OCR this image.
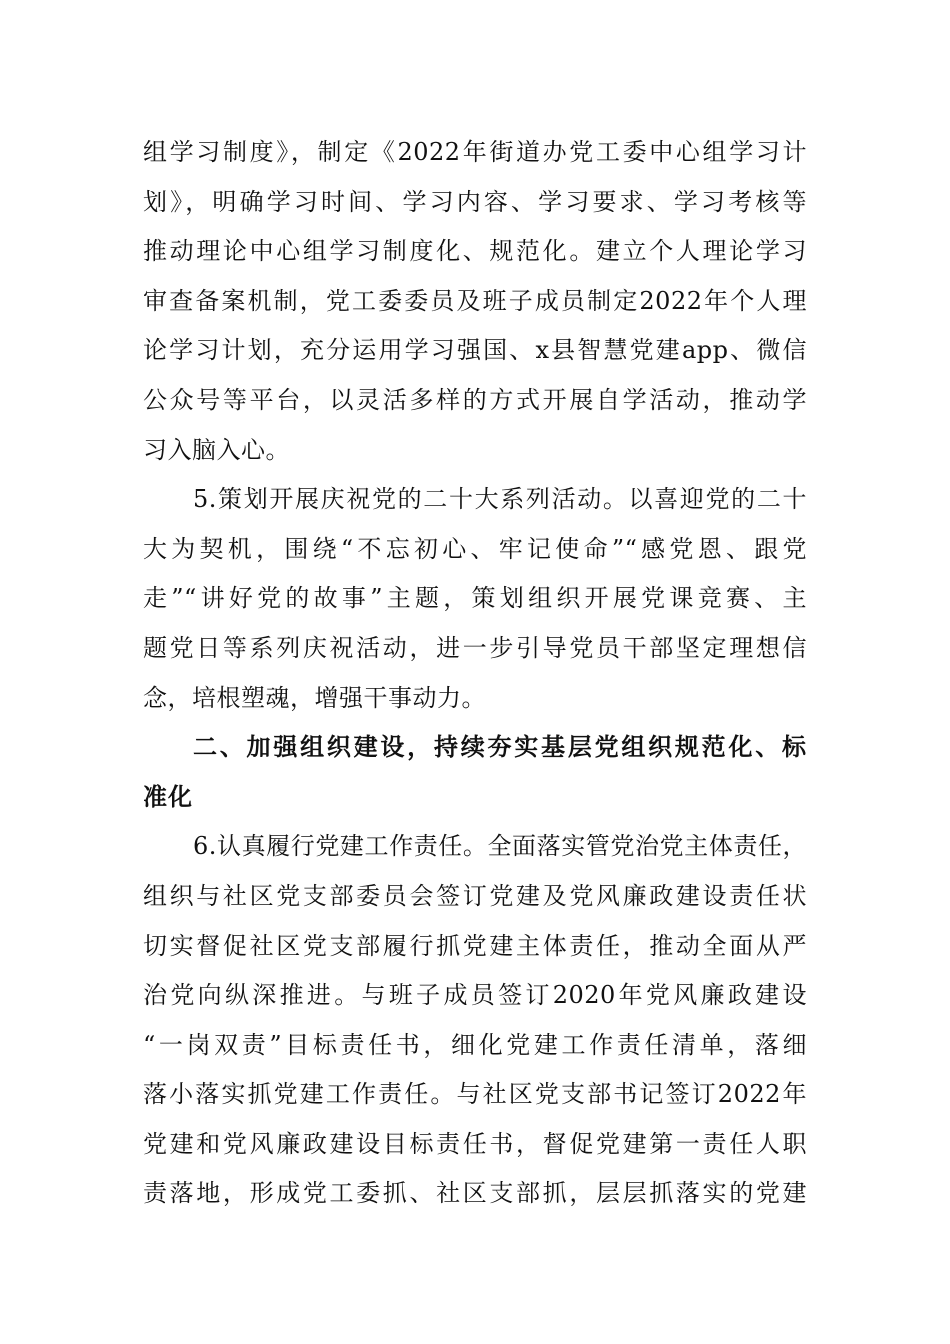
组学习制度》，制定《2022年街道办党工委中心组学习计
划》，明确学习时间、学习内容、学习要求、学习考核等
推动理论中心组学习制度化、规范化。建立个人理论学习
审查备案机制，党工委委员及班子成员制定2022年个人理
论学习计划，充分运用学习强国、x县智慧党建app、微信
公众号等平台，以灵活多样的方式开展自学活动，推动学
习入脑入心。
5.策划开展庆祝党的二十大系列活动。以喜迎党的二十
大为契机，围绕“不忘初心、牢记使命”“感党恩、跟党
走”“讲好党的故事”主题，策划组织开展党课竞赛、主
题党日等系列庆祝活动，进一步引导党员干部坚定理想信
念，培根塑魂，增强干事动力。
二、加强组织建设，持续夯实基层党组织规范化、标
准化
6.认真履行党建工作责任。全面落实管党治党主体责任，
组织与社区党支部委员会签订党建及党风廉政建设责任状
切实督促社区党支部履行抓党建主体责任，推动全面从严
治党向纵深推进。与班子成员签订2020年党风廉政建设
“一岗双责”目标责任书，细化党建工作责任清单，落细
落小落实抓党建工作责任。与社区党支部书记签订2022年
党建和党风廉政建设目标责任书，督促党建第一责任人职
责落地，形成党工委抓、社区支部抓，层层抓落实的党建
